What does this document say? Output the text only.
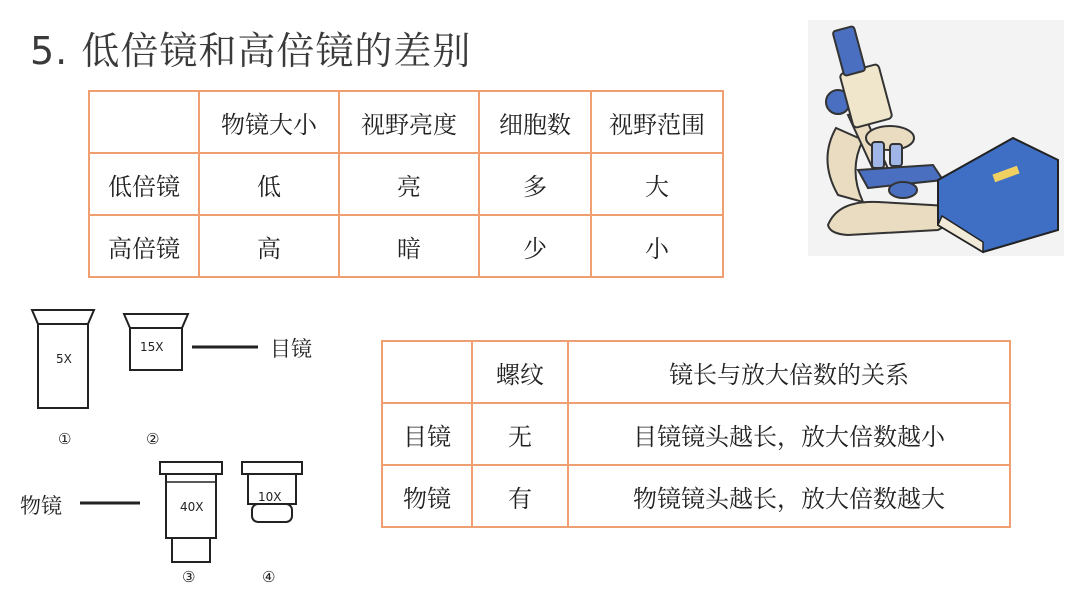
5. 低倍镜和高倍镜的差别
	物镜大小	视野亮度	细胞数	视野范围
低倍镜	低	亮	多	大
高倍镜	高	暗	少	小
5X
15X	目镜
①	②
物镜	40X
10X
③	④
	螺纹	镜长与放大倍数的关系
目镜	无	目镜镜头越长，放大倍数越小
物镜	有	物镜镜头越长，放大倍数越大
